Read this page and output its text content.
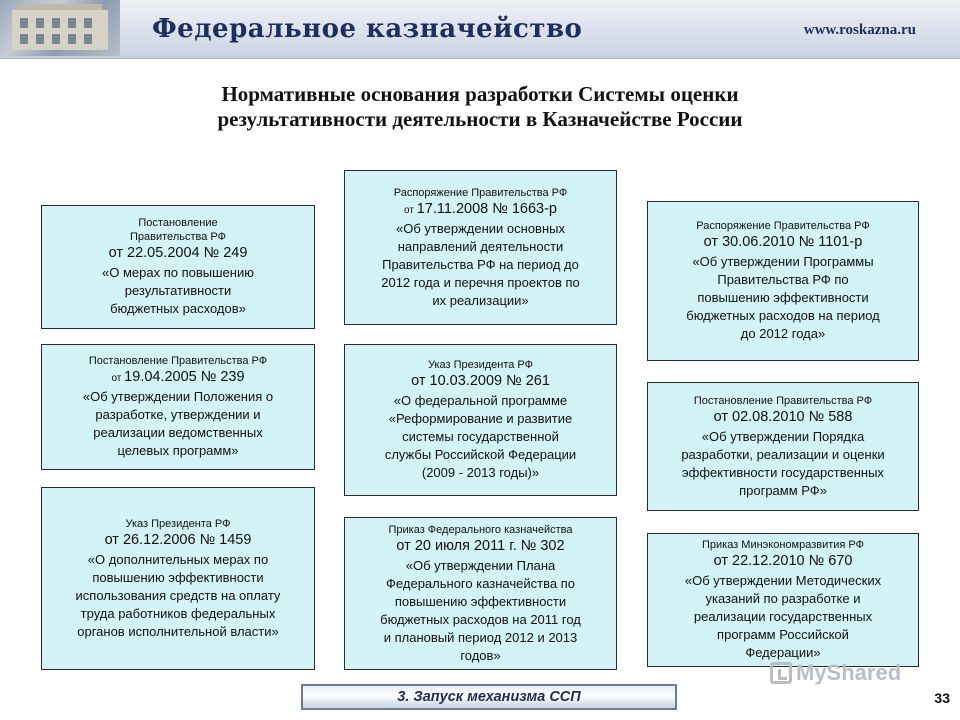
Федеральное казначейство	www.roskazna.ru
Нормативные основания разработки Системы оценки
результативности деятельности в Казначействе России
Постановление
Правительства РФ
от 22.05.2004 № 249
«О мерах по повышению
результативности
бюджетных расходов»
Постановление Правительства РФ
от 19.04.2005 № 239
«Об утверждении Положения о
разработке, утверждении и
реализации ведомственных
целевых программ»
Указ Президента РФ
от 26.12.2006 № 1459
«О дополнительных мерах по
повышению эффективности
использования средств на оплату
труда работников федеральных
органов исполнительной власти»
Распоряжение Правительства РФ
от 17.11.2008 № 1663-р
«Об утверждении основных
направлений деятельности
Правительства РФ на период до
2012 года и перечня проектов по
их реализации»
Указ Президента РФ
от 10.03.2009 № 261
«О федеральной программе
«Реформирование и развитие
системы государственной
службы Российской Федерации
(2009 - 2013 годы)»
Приказ Федерального казначейства
от 20 июля 2011 г. № 302
«Об утверждении Плана
Федерального казначейства по
повышению эффективности
бюджетных расходов на 2011 год
и плановый период 2012 и 2013
годов»
Распоряжение Правительства РФ
от 30.06.2010 № 1101-р
«Об утверждении Программы
Правительства РФ по
повышению эффективности
бюджетных расходов на период
до 2012 года»
Постановление Правительства РФ
от 02.08.2010 № 588
«Об утверждении Порядка
разработки, реализации и оценки
эффективности государственных
программ РФ»
Приказ Минэкономразвития РФ
от 22.12.2010 № 670
«Об утверждении Методических
указаний по разработке и
реализации государственных
программ Российской
Федерации»
MyShared
3. Запуск механизма ССП	33
